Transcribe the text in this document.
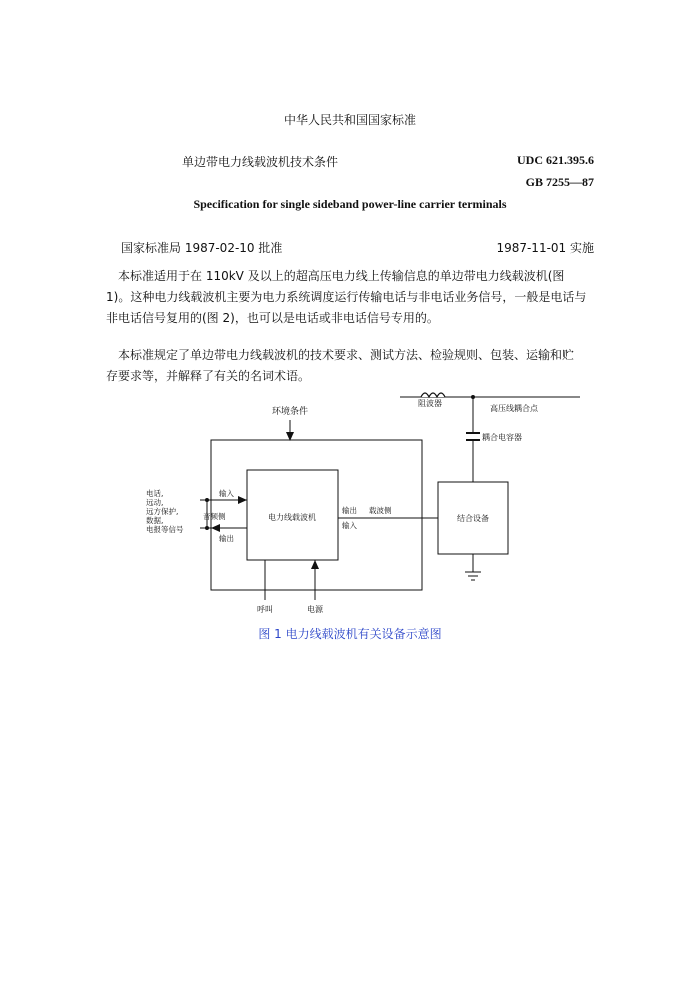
中华人民共和国国家标准
单边带电力线载波机技术条件	UDC 621.395.6
GB 7255—87
Specification for single sideband power-line carrier terminals
国家标准局 1987-02-10 批准	1987-11-01 实施
本标准适用于在 110kV 及以上的超高压电力线上传输信息的单边带电力线载波机(图
1)。这种电力线载波机主要为电力系统调度运行传输电话与非电话业务信号，一般是电话与
非电话信号复用的(图 2)，也可以是电话或非电话信号专用的。
本标准规定了单边带电力线载波机的技术要求、测试方法、检验规则、包装、运输和贮
存要求等，并解释了有关的名词术语。
环境条件
阻波器
高压线耦合点
耦合电容器
电话,
远动,
远方保护,
数据,
电报等信号
音频侧
输入
输出
电力线载波机
输出
输入
载波侧
结合设备
呼叫	电源
图 1 电力线载波机有关设备示意图
